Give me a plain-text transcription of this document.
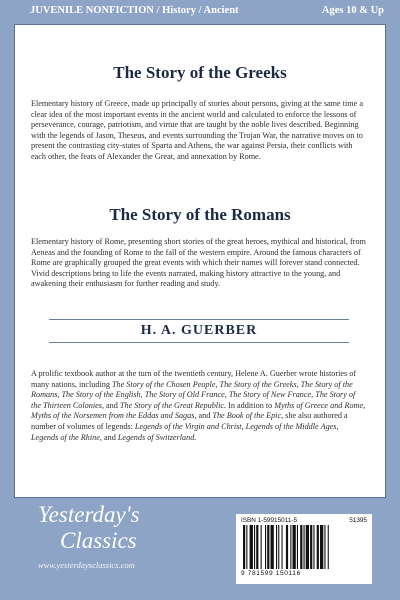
JUVENILE NONFICTION / History / Ancient	Ages 10 & Up
The Story of the Greeks

Elementary history of Greece, made up principally of stories about persons, giving at the same time a clear idea of the most important events in the ancient world and calculated to enforce the lessons of perseverance, courage, patriotism, and virtue that are taught by the noble lives described. Beginning with the legends of Jason, Theseus, and events surrounding the Trojan War, the narrative moves on to present the contrasting city-states of Sparta and Athens, the war against Persia, their conflicts with each other, the feats of Alexander the Great, and annexation by Rome.

The Story of the Romans

Elementary history of Rome, presenting short stories of the great heroes, mythical and historical, from Aeneas and the founding of Rome to the fall of the western empire. Around the famous characters of Rome are graphically grouped the great events with which their names will forever stand connected. Vivid descriptions bring to life the events narrated, making history attractive to the young, and awakening their enthusiasm for further reading and study.

H. A. GUERBER

A prolific textbook author at the turn of the twentieth century, Helene A. Guerber wrote histories of many nations, including The Story of the Chosen People, The Story of the Greeks, The Story of the Romans, The Story of the English, The Story of Old France, The Story of New France, The Story of the Thirteen Colonies, and The Story of the Great Republic. In addition to Myths of Greece and Rome, Myths of the Norsemen from the Eddas and Sagas, and The Book of the Epic, she also authored a number of volumes of legends: Legends of the Virgin and Christ, Legends of the Middle Ages, Legends of the Rhine, and Legends of Switzerland.

Yesterday's
Classics
www.yesterdaysclassics.com
ISBN 1-59915011-5	51395
9 781599 150116
